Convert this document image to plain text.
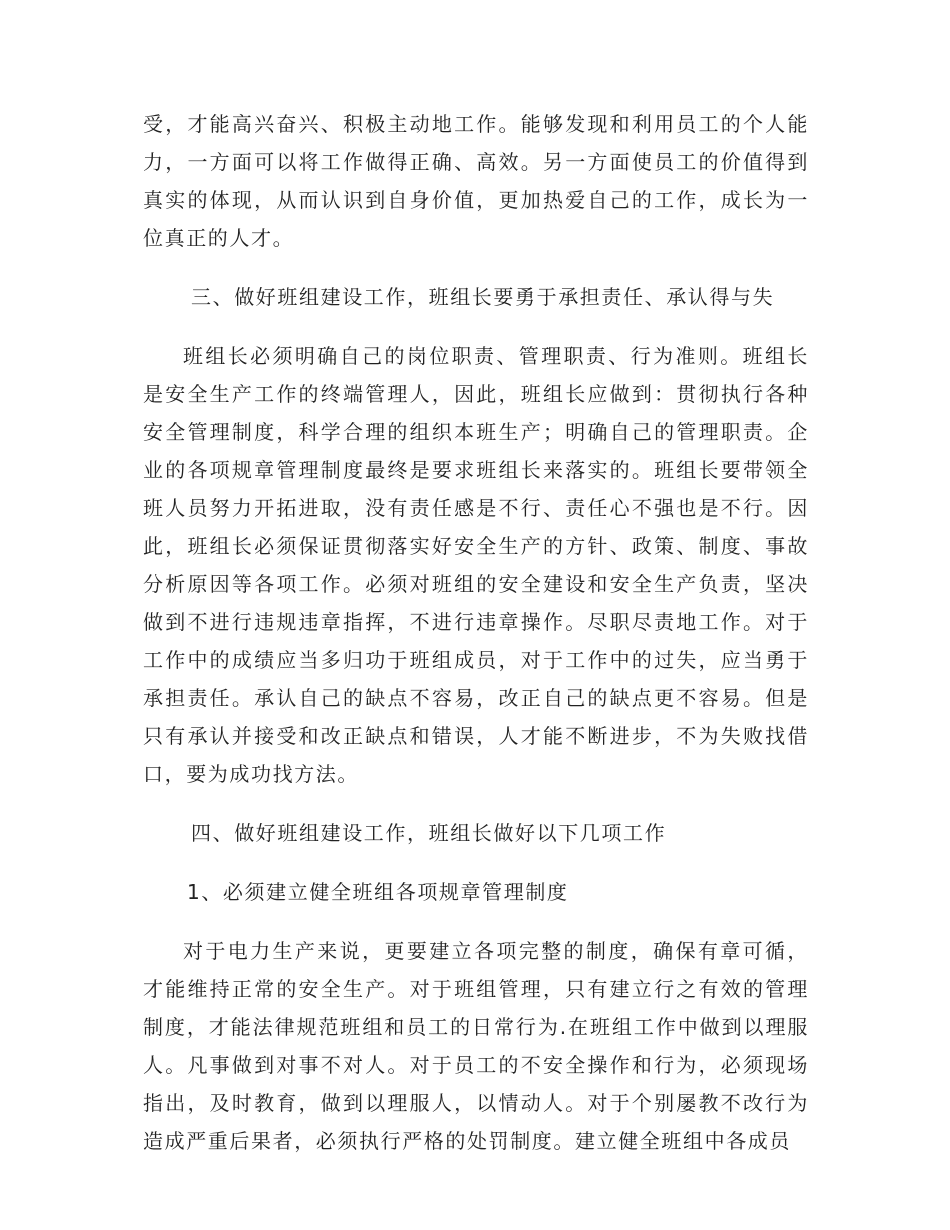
受，才能高兴奋兴、积极主动地工作。能够发现和利用员工的个人能力，一方面可以将工作做得正确、高效。另一方面使员工的价值得到真实的体现，从而认识到自身价值，更加热爱自己的工作，成长为一位真正的人才。

三、做好班组建设工作，班组长要勇于承担责任、承认得与失

班组长必须明确自己的岗位职责、管理职责、行为准则。班组长是安全生产工作的终端管理人，因此，班组长应做到：贯彻执行各种安全管理制度，科学合理的组织本班生产；明确自己的管理职责。企业的各项规章管理制度最终是要求班组长来落实的。班组长要带领全班人员努力开拓进取，没有责任感是不行、责任心不强也是不行。因此，班组长必须保证贯彻落实好安全生产的方针、政策、制度、事故分析原因等各项工作。必须对班组的安全建设和安全生产负责，坚决做到不进行违规违章指挥，不进行违章操作。尽职尽责地工作。对于工作中的成绩应当多归功于班组成员，对于工作中的过失，应当勇于承担责任。承认自己的缺点不容易，改正自己的缺点更不容易。但是只有承认并接受和改正缺点和错误，人才能不断进步，不为失败找借口，要为成功找方法。

四、做好班组建设工作，班组长做好以下几项工作

1、必须建立健全班组各项规章管理制度

对于电力生产来说，更要建立各项完整的制度，确保有章可循，才能维持正常的安全生产。对于班组管理，只有建立行之有效的管理制度，才能法律规范班组和员工的日常行为.在班组工作中做到以理服人。凡事做到对事不对人。对于员工的不安全操作和行为，必须现场指出，及时教育，做到以理服人，以情动人。对于个别屡教不改行为造成严重后果者，必须执行严格的处罚制度。建立健全班组中各成员
